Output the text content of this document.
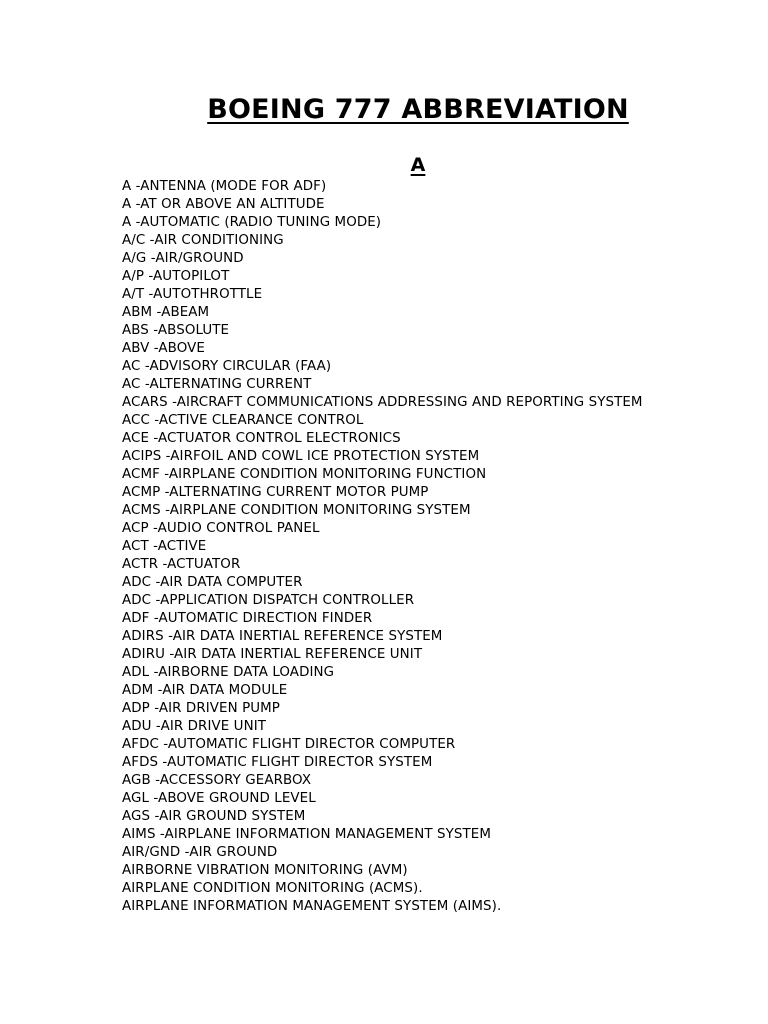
BOEING 777 ABBREVIATION
A
A -ANTENNA (MODE FOR ADF)
A -AT OR ABOVE AN ALTITUDE
A -AUTOMATIC (RADIO TUNING MODE)
A/C -AIR CONDITIONING
A/G -AIR/GROUND
A/P -AUTOPILOT
A/T -AUTOTHROTTLE
ABM -ABEAM
ABS -ABSOLUTE
ABV -ABOVE
AC -ADVISORY CIRCULAR (FAA)
AC -ALTERNATING CURRENT
ACARS -AIRCRAFT COMMUNICATIONS ADDRESSING AND REPORTING SYSTEM
ACC -ACTIVE CLEARANCE CONTROL
ACE -ACTUATOR CONTROL ELECTRONICS
ACIPS -AIRFOIL AND COWL ICE PROTECTION SYSTEM
ACMF -AIRPLANE CONDITION MONITORING FUNCTION
ACMP -ALTERNATING CURRENT MOTOR PUMP
ACMS -AIRPLANE CONDITION MONITORING SYSTEM
ACP -AUDIO CONTROL PANEL
ACT -ACTIVE
ACTR -ACTUATOR
ADC -AIR DATA COMPUTER
ADC -APPLICATION DISPATCH CONTROLLER
ADF -AUTOMATIC DIRECTION FINDER
ADIRS -AIR DATA INERTIAL REFERENCE SYSTEM
ADIRU -AIR DATA INERTIAL REFERENCE UNIT
ADL -AIRBORNE DATA LOADING
ADM -AIR DATA MODULE
ADP -AIR DRIVEN PUMP
ADU -AIR DRIVE UNIT
AFDC -AUTOMATIC FLIGHT DIRECTOR COMPUTER
AFDS -AUTOMATIC FLIGHT DIRECTOR SYSTEM
AGB -ACCESSORY GEARBOX
AGL -ABOVE GROUND LEVEL
AGS -AIR GROUND SYSTEM
AIMS -AIRPLANE INFORMATION MANAGEMENT SYSTEM
AIR/GND -AIR GROUND
AIRBORNE VIBRATION MONITORING (AVM)
AIRPLANE CONDITION MONITORING (ACMS).
AIRPLANE INFORMATION MANAGEMENT SYSTEM (AIMS).
